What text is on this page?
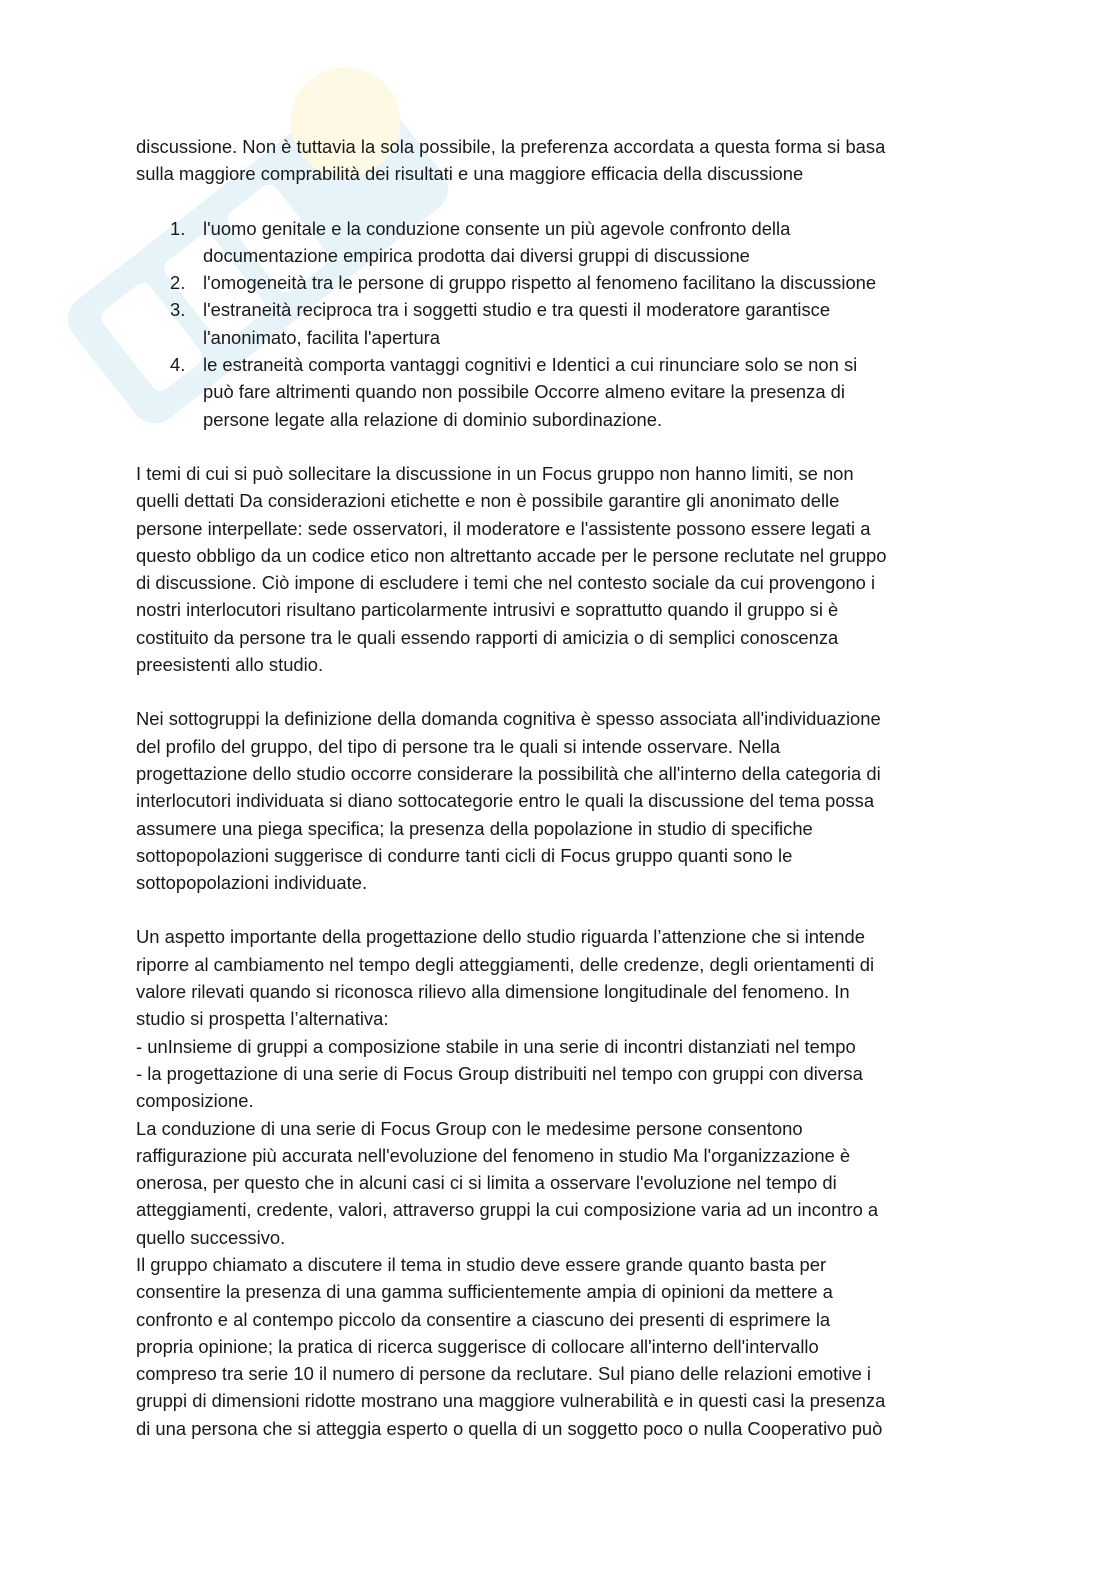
discussione. Non è tuttavia la sola possibile, la preferenza accordata a questa forma si basa
sulla maggiore comprabilità dei risultati e una maggiore efficacia della discussione

1. l'uomo genitale e la conduzione consente un più agevole confronto della
documentazione empirica prodotta dai diversi gruppi di discussione
2. l'omogeneità tra le persone di gruppo rispetto al fenomeno facilitano la discussione
3. l'estraneità reciproca tra i soggetti studio e tra questi il moderatore garantisce
l'anonimato, facilita l'apertura
4. le estraneità comporta vantaggi cognitivi e Identici a cui rinunciare solo se non si
può fare altrimenti quando non possibile Occorre almeno evitare la presenza di
persone legate alla relazione di dominio subordinazione.

I temi di cui si può sollecitare la discussione in un Focus gruppo non hanno limiti, se non
quelli dettati Da considerazioni etichette e non è possibile garantire gli anonimato delle
persone interpellate: sede osservatori, il moderatore e l'assistente possono essere legati a
questo obbligo da un codice etico non altrettanto accade per le persone reclutate nel gruppo
di discussione. Ciò impone di escludere i temi che nel contesto sociale da cui provengono i
nostri interlocutori risultano particolarmente intrusivi e soprattutto quando il gruppo si è
costituito da persone tra le quali essendo rapporti di amicizia o di semplici conoscenza
preesistenti allo studio.

Nei sottogruppi la definizione della domanda cognitiva è spesso associata all'individuazione
del profilo del gruppo, del tipo di persone tra le quali si intende osservare. Nella
progettazione dello studio occorre considerare la possibilità che all'interno della categoria di
interlocutori individuata si diano sottocategorie entro le quali la discussione del tema possa
assumere una piega specifica; la presenza della popolazione in studio di specifiche
sottopopolazioni suggerisce di condurre tanti cicli di Focus gruppo quanti sono le
sottopopolazioni individuate.

Un aspetto importante della progettazione dello studio riguarda l’attenzione che si intende
riporre al cambiamento nel tempo degli atteggiamenti, delle credenze, degli orientamenti di
valore rilevati quando si riconosca rilievo alla dimensione longitudinale del fenomeno. In
studio si prospetta l’alternativa:
- unInsieme di gruppi a composizione stabile in una serie di incontri distanziati nel tempo
- la progettazione di una serie di Focus Group distribuiti nel tempo con gruppi con diversa
composizione.
La conduzione di una serie di Focus Group con le medesime persone consentono
raffigurazione più accurata nell'evoluzione del fenomeno in studio Ma l'organizzazione è
onerosa, per questo che in alcuni casi ci si limita a osservare l'evoluzione nel tempo di
atteggiamenti, credente, valori, attraverso gruppi la cui composizione varia ad un incontro a
quello successivo.
Il gruppo chiamato a discutere il tema in studio deve essere grande quanto basta per
consentire la presenza di una gamma sufficientemente ampia di opinioni da mettere a
confronto e al contempo piccolo da consentire a ciascuno dei presenti di esprimere la
propria opinione; la pratica di ricerca suggerisce di collocare all'interno dell'intervallo
compreso tra serie 10 il numero di persone da reclutare. Sul piano delle relazioni emotive i
gruppi di dimensioni ridotte mostrano una maggiore vulnerabilità e in questi casi la presenza
di una persona che si atteggia esperto o quella di un soggetto poco o nulla Cooperativo può
